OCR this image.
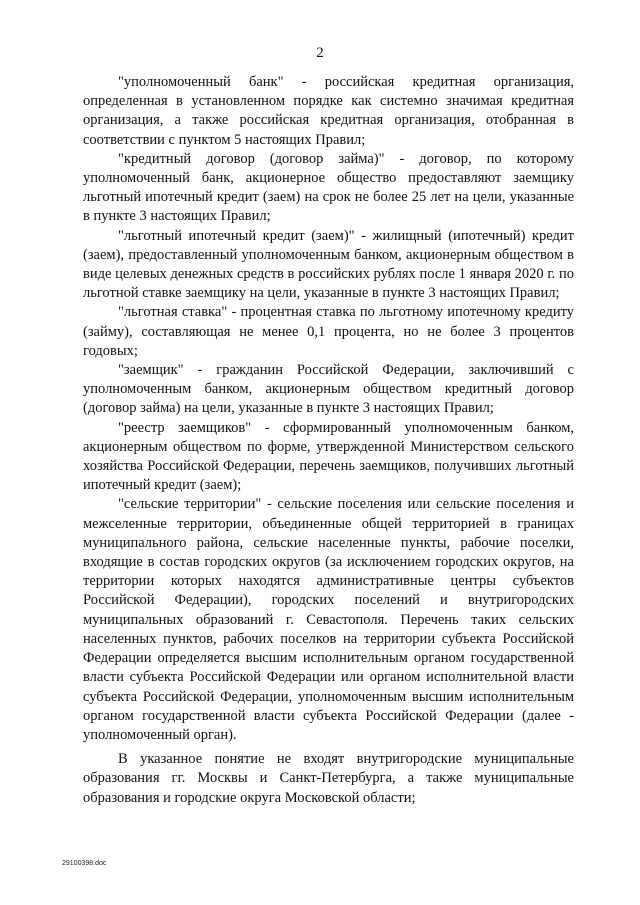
2

"уполномоченный банк" - российская кредитная организация, определенная в установленном порядке как системно значимая кредитная организация, а также российская кредитная организация, отобранная в соответствии с пунктом 5 настоящих Правил;

"кредитный договор (договор займа)" - договор, по которому уполномоченный банк, акционерное общество предоставляют заемщику льготный ипотечный кредит (заем) на срок не более 25 лет на цели, указанные в пункте 3 настоящих Правил;

"льготный ипотечный кредит (заем)" - жилищный (ипотечный) кредит (заем), предоставленный уполномоченным банком, акционерным обществом в виде целевых денежных средств в российских рублях после 1 января 2020 г. по льготной ставке заемщику на цели, указанные в пункте 3 настоящих Правил;

"льготная ставка" - процентная ставка по льготному ипотечному кредиту (займу), составляющая не менее 0,1 процента, но не более 3 процентов годовых;

"заемщик" - гражданин Российской Федерации, заключивший с уполномоченным банком, акционерным обществом кредитный договор (договор займа) на цели, указанные в пункте 3 настоящих Правил;

"реестр заемщиков" - сформированный уполномоченным банком, акционерным обществом по форме, утвержденной Министерством сельского хозяйства Российской Федерации, перечень заемщиков, получивших льготный ипотечный кредит (заем);

"сельские территории" - сельские поселения или сельские поселения и межселенные территории, объединенные общей территорией в границах муниципального района, сельские населенные пункты, рабочие поселки, входящие в состав городских округов (за исключением городских округов, на территории которых находятся административные центры субъектов Российской Федерации), городских поселений и внутригородских муниципальных образований г. Севастополя. Перечень таких сельских населенных пунктов, рабочих поселков на территории субъекта Российской Федерации определяется высшим исполнительным органом государственной власти субъекта Российской Федерации или органом исполнительной власти субъекта Российской Федерации, уполномоченным высшим исполнительным органом государственной власти субъекта Российской Федерации (далее - уполномоченный орган).

В указанное понятие не входят внутригородские муниципальные образования гг. Москвы и Санкт-Петербурга, а также муниципальные образования и городские округа Московской области;

29100398.doc
